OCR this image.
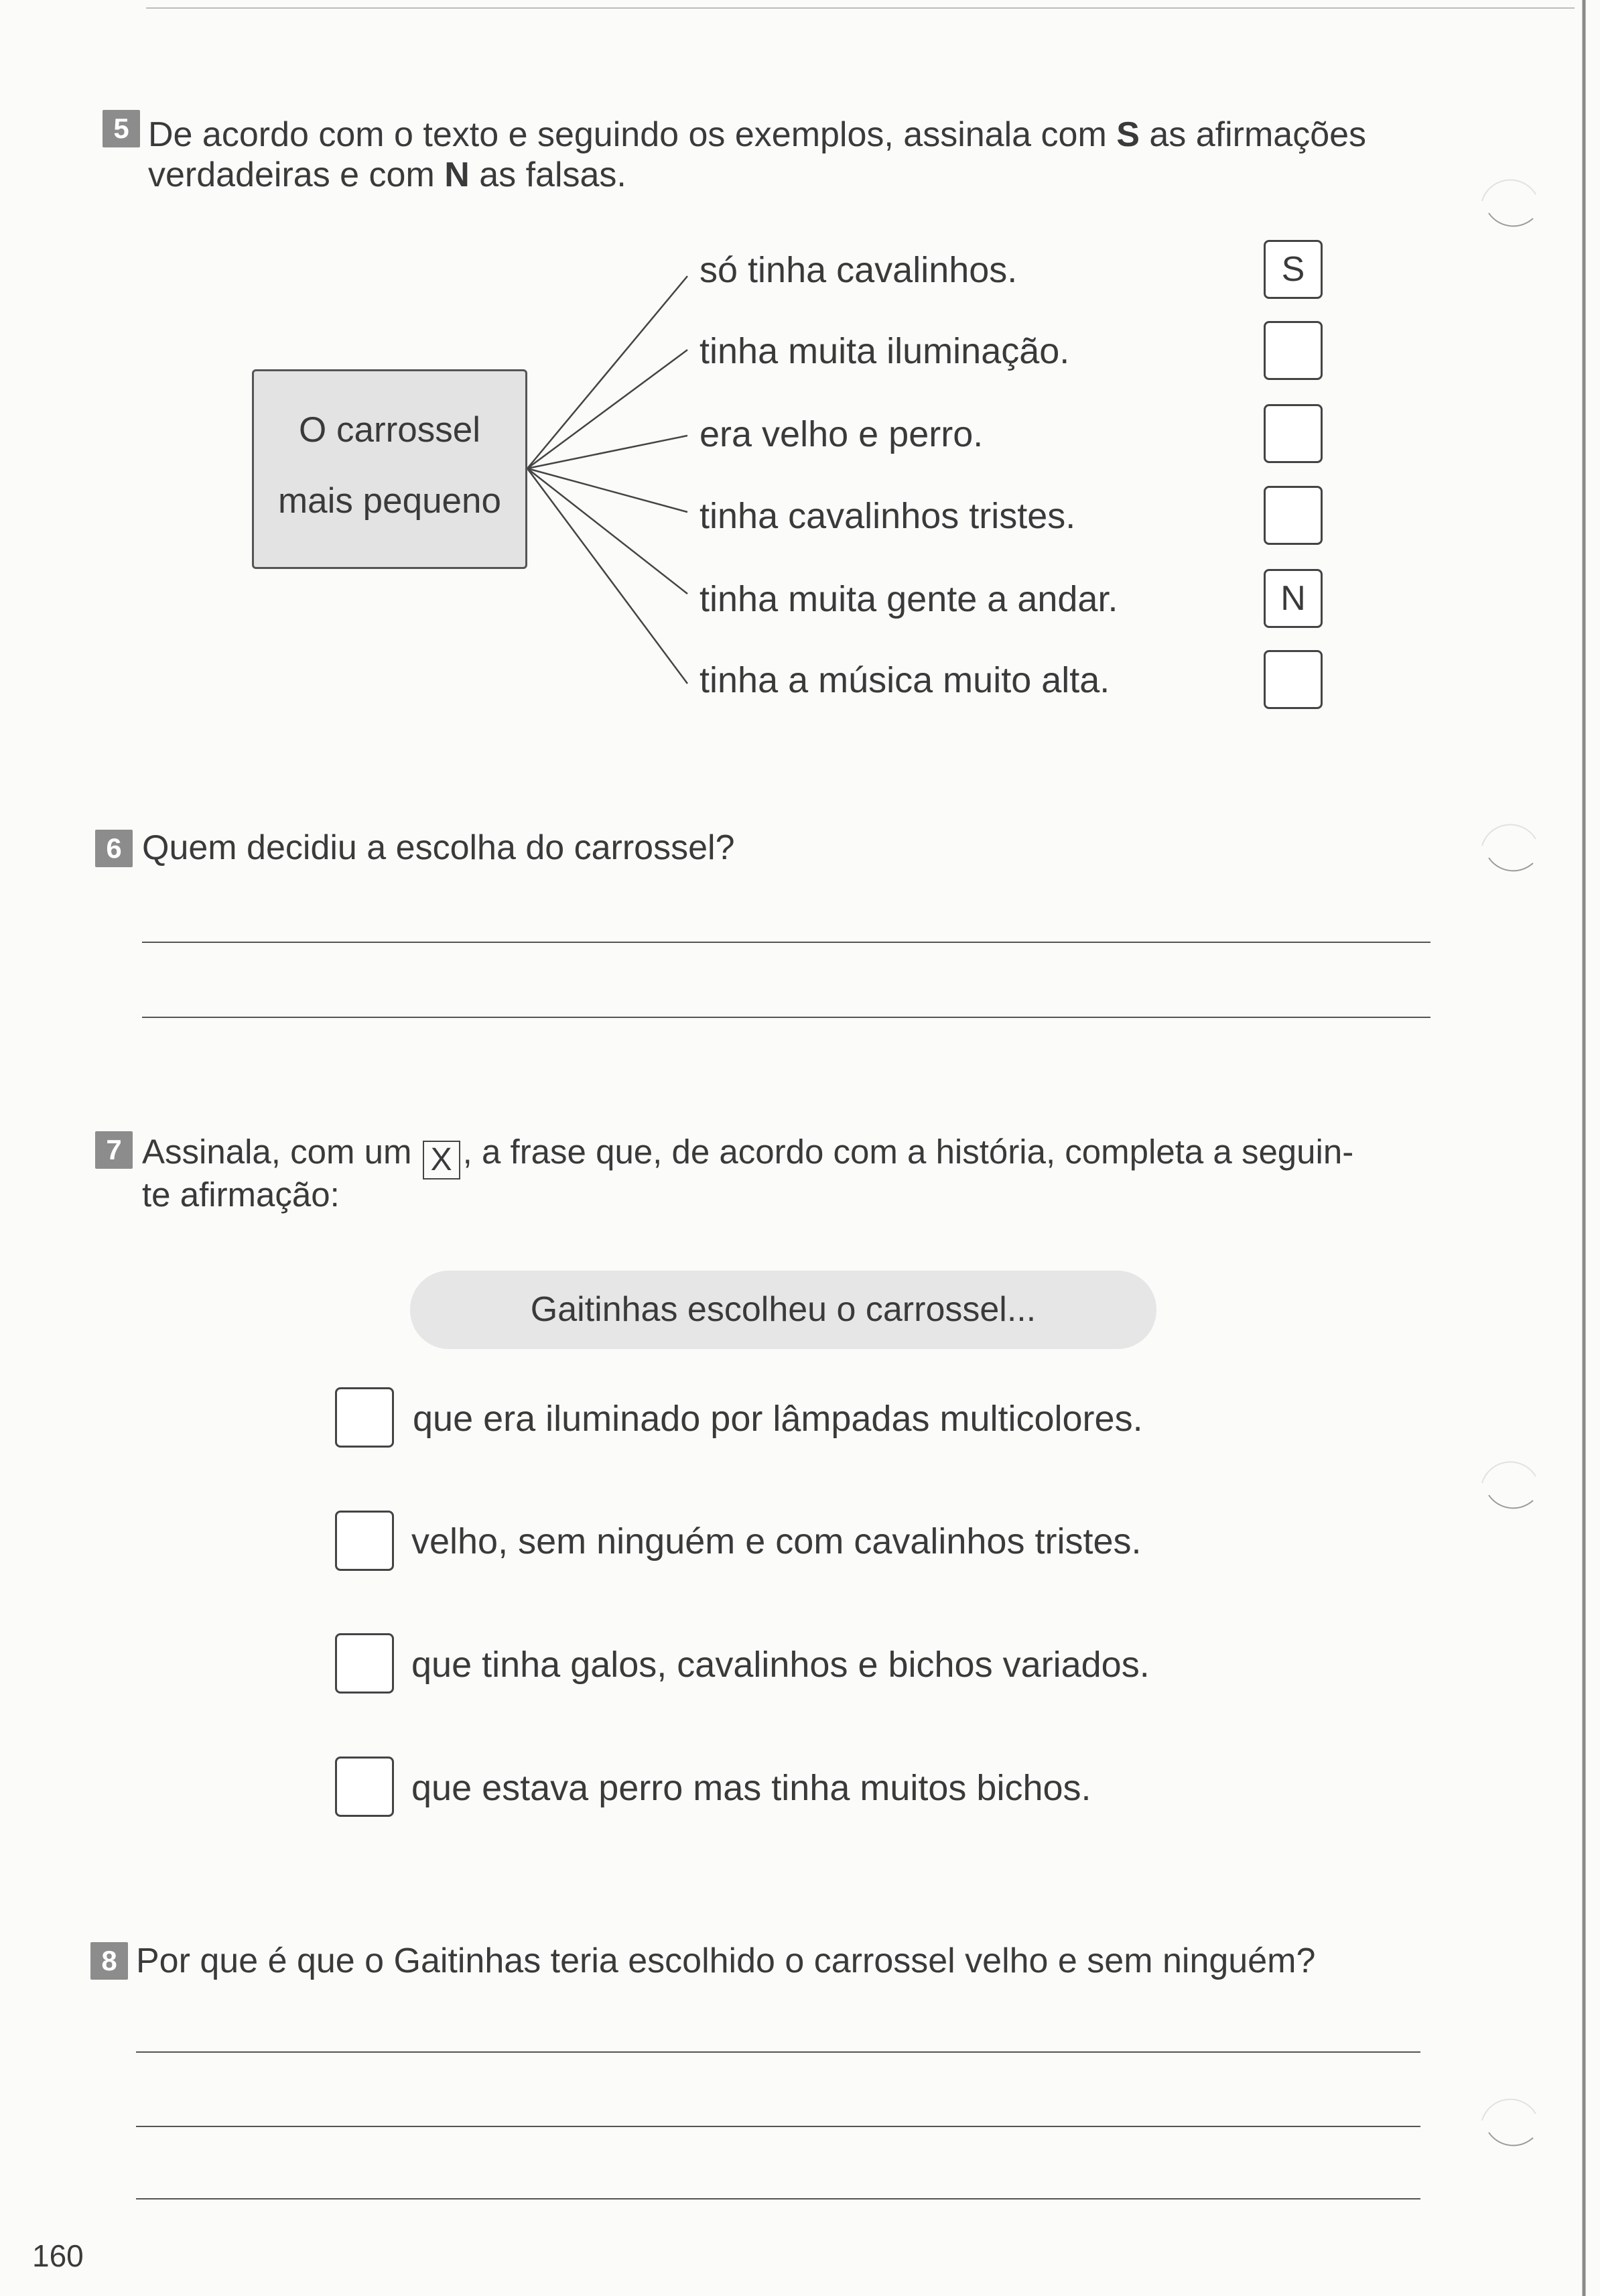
5 De acordo com o texto e seguindo os exemplos, assinala com S as afirmações
verdadeiras e com N as falsas.
O carrossel
mais pequeno
só tinha cavalinhos.
tinha muita iluminação.
era velho e perro.
tinha cavalinhos tristes.
tinha muita gente a andar.
tinha a música muito alta.
S
N
6 Quem decidiu a escolha do carrossel?
7 Assinala, com um X , a frase que, de acordo com a história, completa a seguin-
te afirmação:
Gaitinhas escolheu o carrossel...
que era iluminado por lâmpadas multicolores.
velho, sem ninguém e com cavalinhos tristes.
que tinha galos, cavalinhos e bichos variados.
que estava perro mas tinha muitos bichos.
8 Por que é que o Gaitinhas teria escolhido o carrossel velho e sem ninguém?
160
